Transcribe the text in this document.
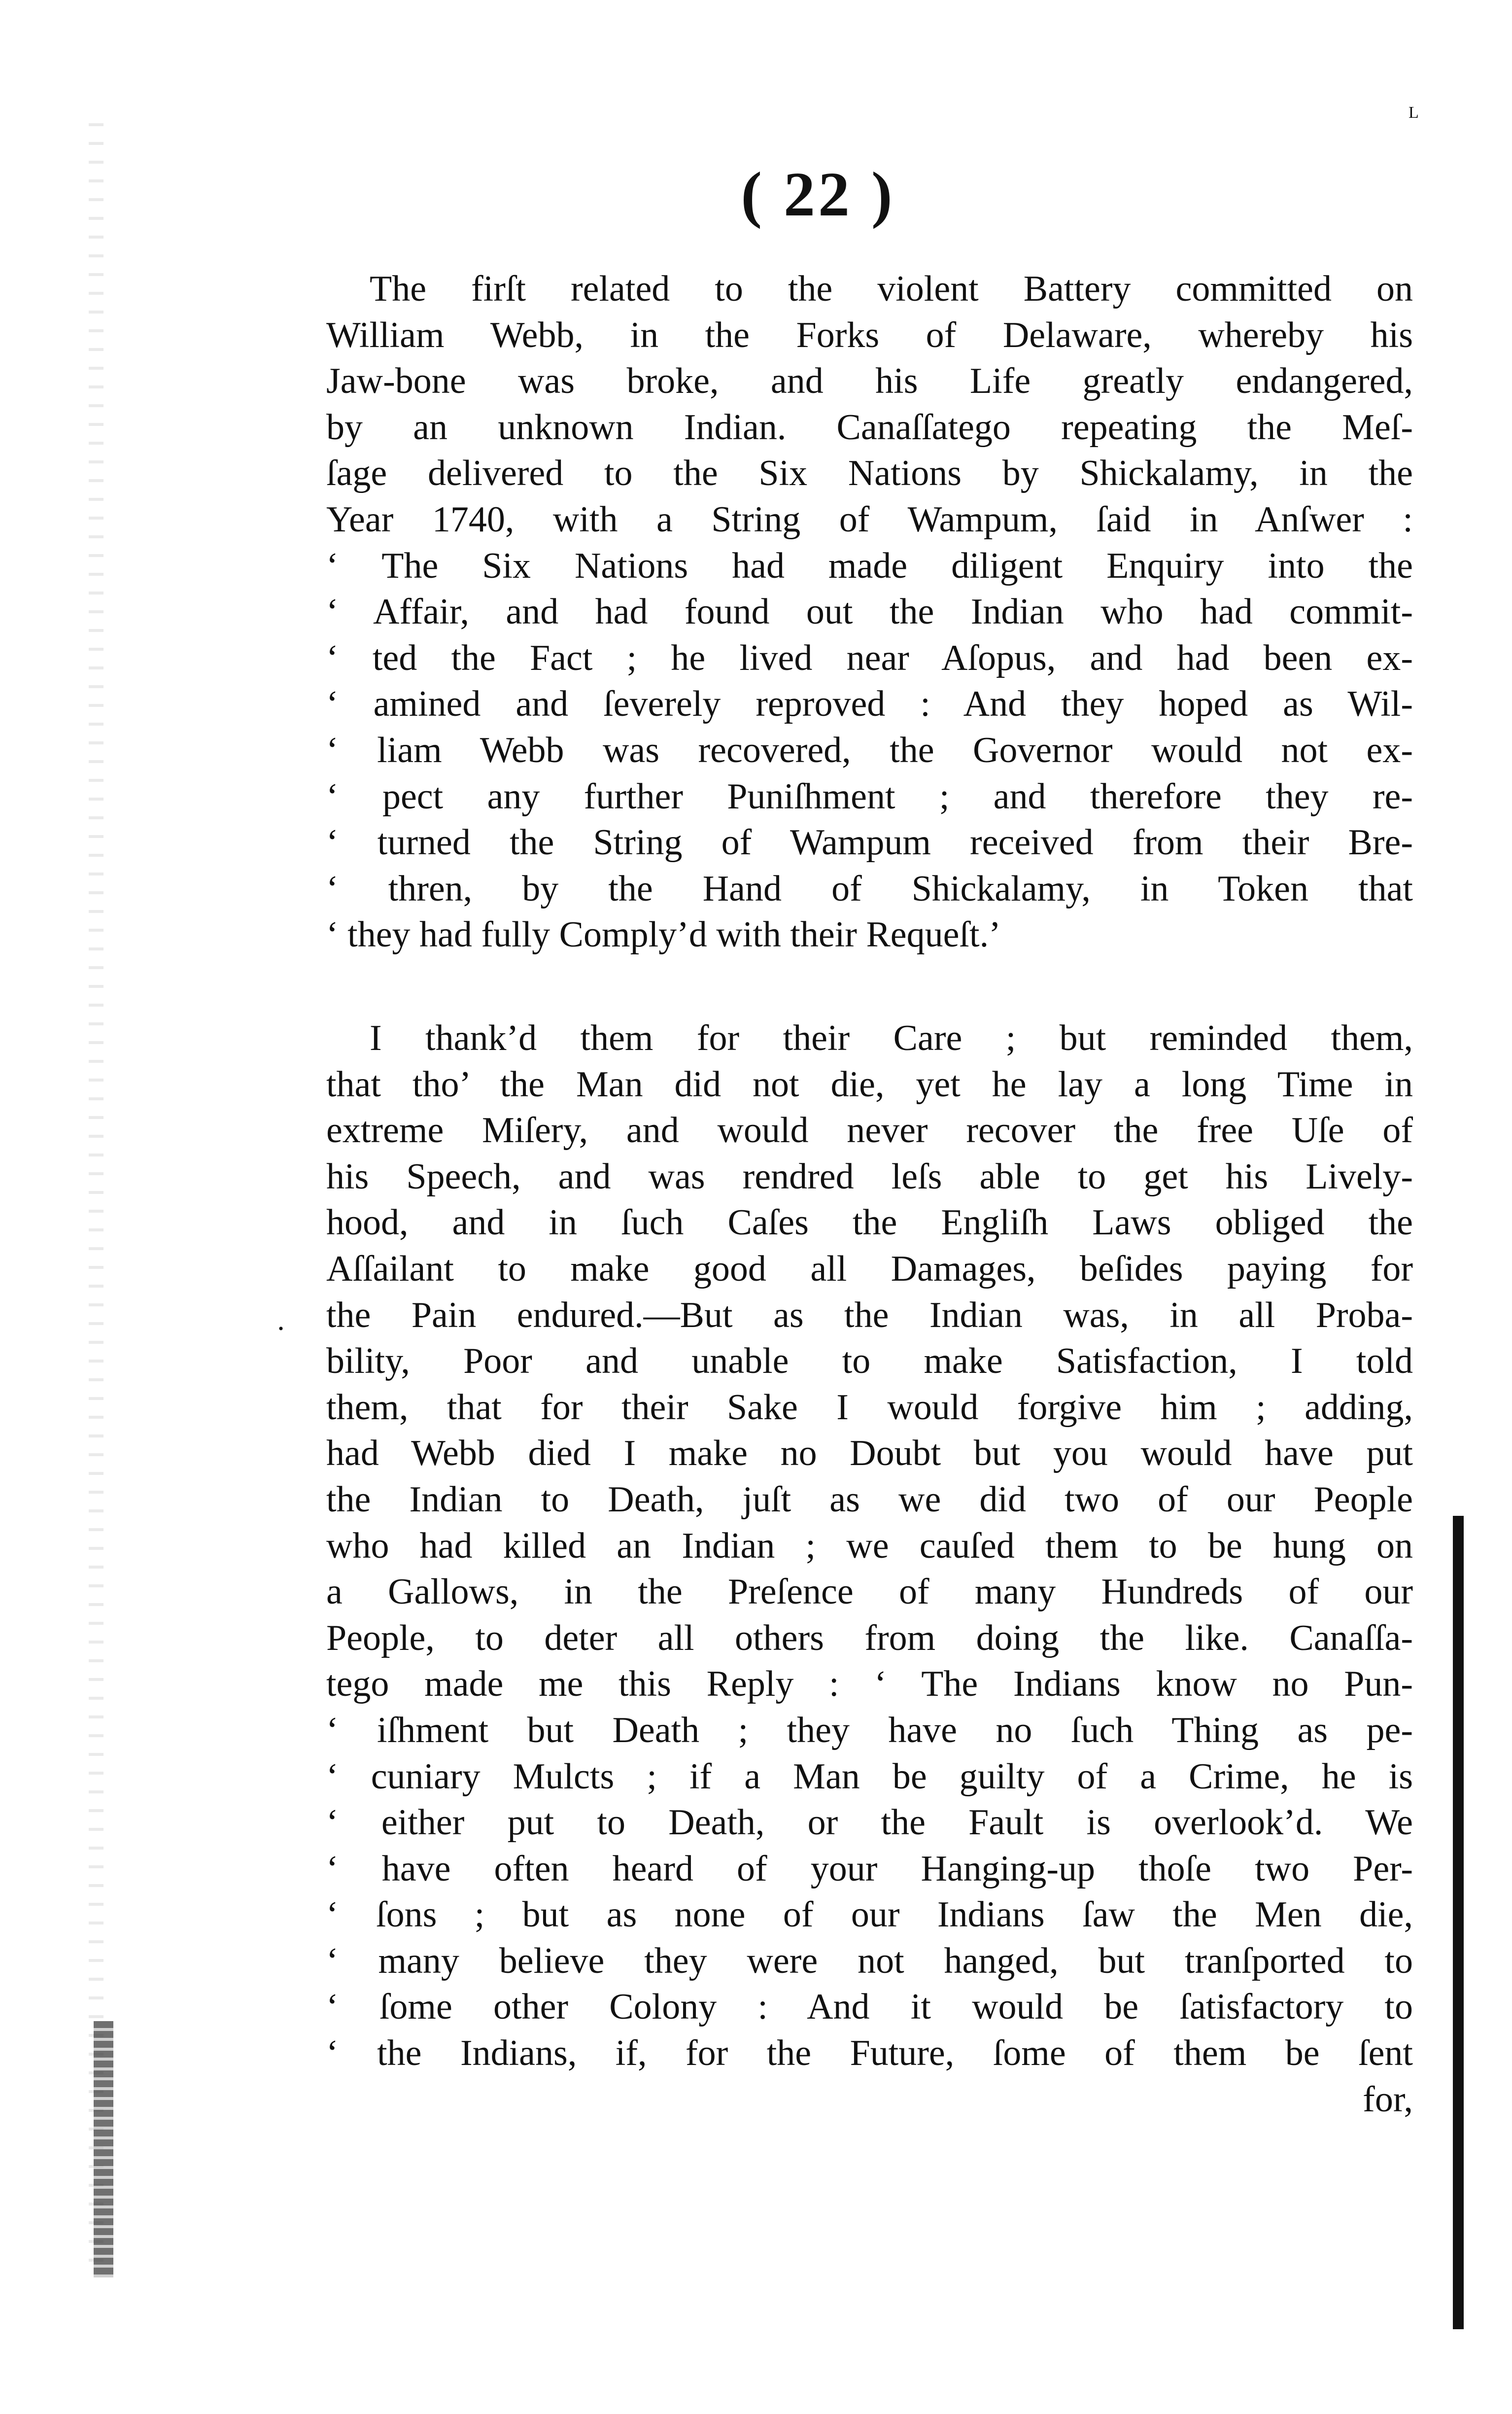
L
·
( 22 )
The firſt related to the violent Battery committed on
William Webb, in the Forks of Delaware, whereby his
Jaw-bone was broke, and his Life greatly endangered,
by an unknown Indian. Canaſſatego repeating the Meſ-
ſage delivered to the Six Nations by Shickalamy, in the
Year 1740, with a String of Wampum, ſaid in Anſwer :
‘ The Six Nations had made diligent Enquiry into the
‘ Affair, and had found out the Indian who had commit-
‘ ted the Fact ; he lived near Aſopus, and had been ex-
‘ amined and ſeverely reproved : And they hoped as Wil-
‘ liam Webb was recovered, the Governor would not ex-
‘ pect any further Puniſhment ; and therefore they re-
‘ turned the String of Wampum received from their Bre-
‘ thren, by the Hand of Shickalamy, in Token that
‘ they had fully Comply’d with their Requeſt.’
I thank’d them for their Care ; but reminded them,
that tho’ the Man did not die, yet he lay a long Time in
extreme Miſery, and would never recover the free Uſe of
his Speech, and was rendred leſs able to get his Lively-
hood, and in ſuch Caſes the Engliſh Laws obliged the
Aſſailant to make good all Damages, beſides paying for
the Pain endured.—But as the Indian was, in all Proba-
bility, Poor and unable to make Satisfaction, I told
them, that for their Sake I would forgive him ; adding,
had Webb died I make no Doubt but you would have put
the Indian to Death, juſt as we did two of our People
who had killed an Indian ; we cauſed them to be hung on
a Gallows, in the Preſence of many Hundreds of our
People, to deter all others from doing the like. Canaſſa-
tego made me this Reply : ‘ The Indians know no Pun-
‘ iſhment but Death ; they have no ſuch Thing as pe-
‘ cuniary Mulcts ; if a Man be guilty of a Crime, he is
‘ either put to Death, or the Fault is overlook’d. We
‘ have often heard of your Hanging-up thoſe two Per-
‘ ſons ; but as none of our Indians ſaw the Men die,
‘ many believe they were not hanged, but tranſported to
‘ ſome other Colony : And it would be ſatisfactory to
‘ the Indians, if, for the Future, ſome of them be ſent
for,
